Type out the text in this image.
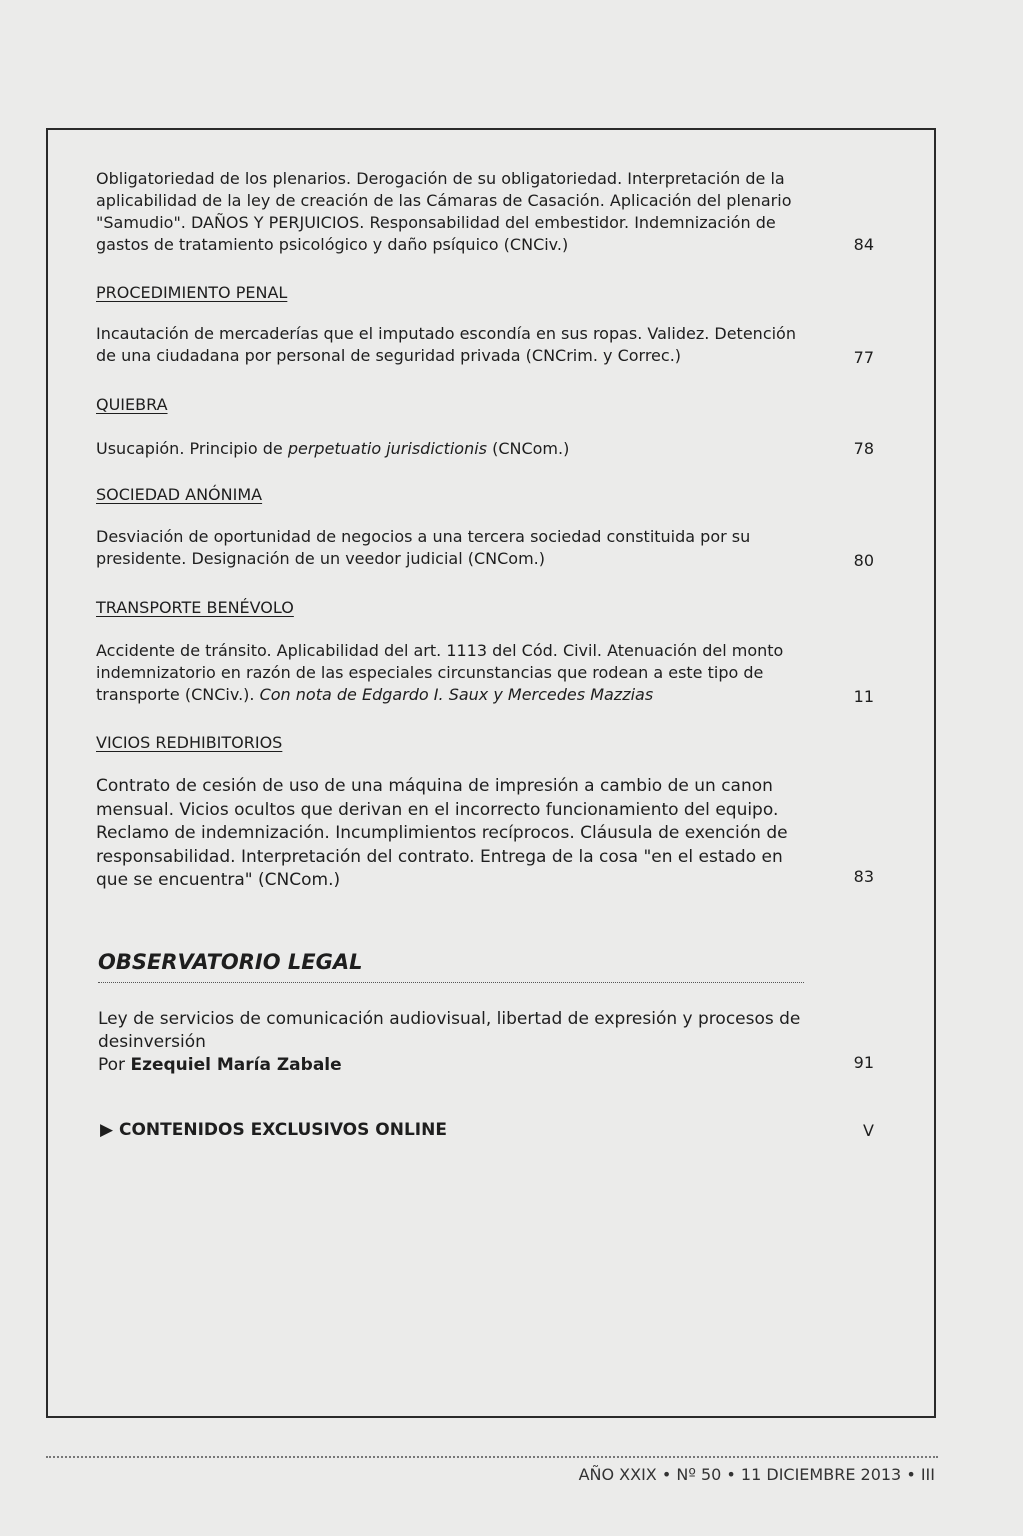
Obligatoriedad de los plenarios. Derogación de su obligatoriedad. Interpretación de la aplicabilidad de la ley de creación de las Cámaras de Casación. Aplicación del plenario "Samudio". DAÑOS Y PERJUICIOS. Responsabilidad del embestidor. Indemnización de gastos de tratamiento psicológico y daño psíquico (CNCiv.)	84
PROCEDIMIENTO PENAL

Incautación de mercaderías que el imputado escondía en sus ropas. Validez. Detención de una ciudadana por personal de seguridad privada (CNCrim. y Correc.)	77
QUIEBRA

Usucapión. Principio de perpetuatio jurisdictionis (CNCom.)	78
SOCIEDAD ANÓNIMA

Desviación de oportunidad de negocios a una tercera sociedad constituida por su presidente. Designación de un veedor judicial (CNCom.)	80
TRANSPORTE BENÉVOLO

Accidente de tránsito. Aplicabilidad del art. 1113 del Cód. Civil. Atenuación del monto indemnizatorio en razón de las especiales circunstancias que rodean a este tipo de transporte (CNCiv.). Con nota de Edgardo I. Saux y Mercedes Mazzias	11
VICIOS REDHIBITORIOS

Contrato de cesión de uso de una máquina de impresión a cambio de un canon mensual. Vicios ocultos que derivan en el incorrecto funcionamiento del equipo. Reclamo de indemnización. Incumplimientos recíprocos. Cláusula de exención de responsabilidad. Interpretación del contrato. Entrega de la cosa "en el estado en que se encuentra" (CNCom.)	83
OBSERVATORIO LEGAL

Ley de servicios de comunicación audiovisual, libertad de expresión y procesos de desinversión
Por Ezequiel María Zabale	91
▶ CONTENIDOS EXCLUSIVOS ONLINE	V
AÑO XXIX • Nº 50 • 11 DICIEMBRE 2013 • III
